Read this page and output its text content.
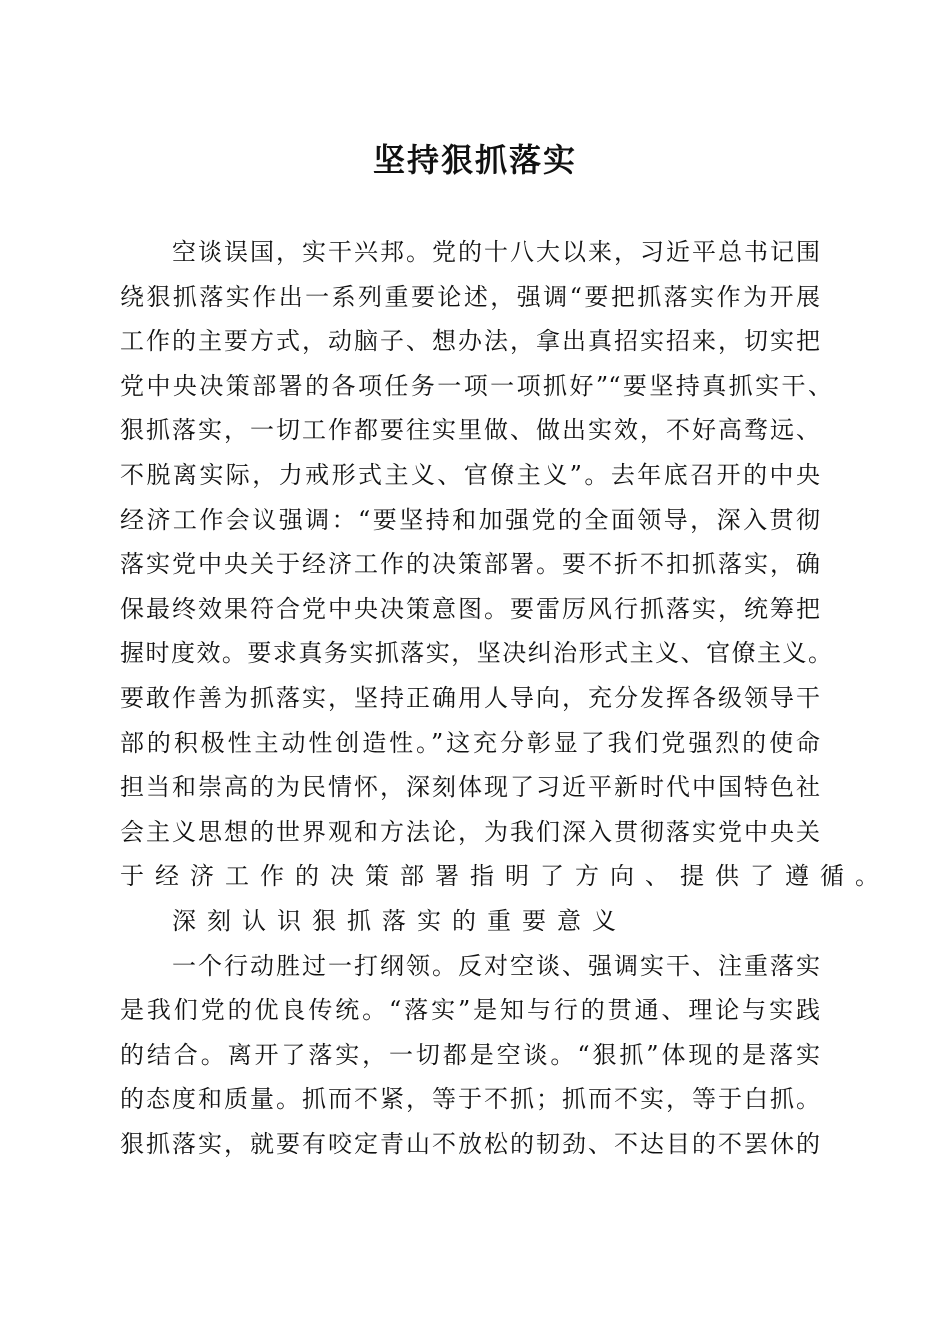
坚持狠抓落实
空谈误国，实干兴邦。党的十八大以来，习近平总书记围
绕狠抓落实作出一系列重要论述，强调“要把抓落实作为开展
工作的主要方式，动脑子、想办法，拿出真招实招来，切实把
党中央决策部署的各项任务一项一项抓好”“要坚持真抓实干、
狠抓落实，一切工作都要往实里做、做出实效，不好高骛远、
不脱离实际，力戒形式主义、官僚主义”。去年底召开的中央
经济工作会议强调：“要坚持和加强党的全面领导，深入贯彻
落实党中央关于经济工作的决策部署。要不折不扣抓落实，确
保最终效果符合党中央决策意图。要雷厉风行抓落实，统筹把
握时度效。要求真务实抓落实，坚决纠治形式主义、官僚主义。
要敢作善为抓落实，坚持正确用人导向，充分发挥各级领导干
部的积极性主动性创造性。”这充分彰显了我们党强烈的使命
担当和崇高的为民情怀，深刻体现了习近平新时代中国特色社
会主义思想的世界观和方法论，为我们深入贯彻落实党中央关
于经济工作的决策部署指明了方向、提供了遵循。
深刻认识狠抓落实的重要意义
一个行动胜过一打纲领。反对空谈、强调实干、注重落实
是我们党的优良传统。“落实”是知与行的贯通、理论与实践
的结合。离开了落实，一切都是空谈。“狠抓”体现的是落实
的态度和质量。抓而不紧，等于不抓；抓而不实，等于白抓。
狠抓落实，就要有咬定青山不放松的韧劲、不达目的不罢休的
